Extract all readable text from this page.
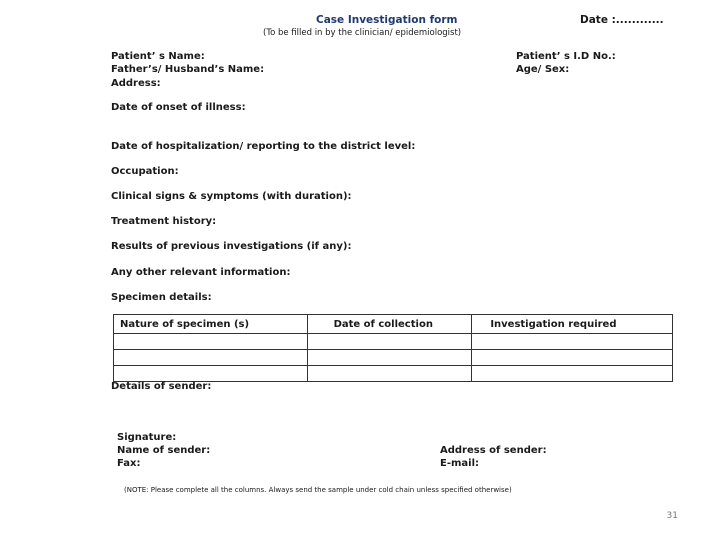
Case Investigation form
(To be filled in by the clinician/ epidemiologist)
Date :............
Patient’ s Name:	Patient’ s I.D No.:
Father’s/ Husband’s Name:	Age/ Sex:
Address:
Date of onset of illness:
Date of hospitalization/ reporting to the district level:
Occupation:
Clinical signs & symptoms (with duration):
Treatment history:
Results of previous investigations (if any):
Any other relevant information:
Specimen details:
Nature of specimen (s)	Date of collection	Investigation required

Details of sender:
Signature:
Name of sender:	Address of sender:
Fax:	E-mail:
(NOTE: Please complete all the columns. Always send the sample under cold chain unless specified otherwise)
31
